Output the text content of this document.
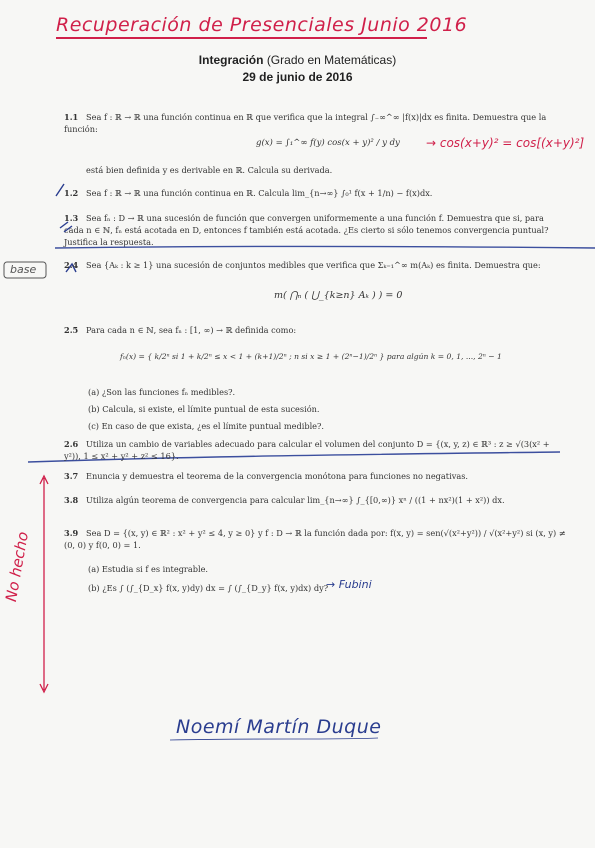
Recuperación de Presenciales Junio 2016
Integración (Grado en Matemáticas)
29 de junio de 2016
1.1 Sea f : ℝ → ℝ una función continua en ℝ que verifica que la integral ∫₋∞^∞ |f(x)|dx es finita. Demuestra que la función:
g(x) = ∫₁^∞ f(y) cos(x + y)² / y dy
está bien definida y es derivable en ℝ. Calcula su derivada.
→ cos(x+y)² = cos[(x+y)²]
1.2 Sea f : ℝ → ℝ una función continua en ℝ. Calcula lim_{n→∞} ∫₀¹ f(x + 1/n) − f(x)dx.
1.3 Sea fₙ : D → ℝ una sucesión de función que convergen uniformemente a una función f. Demuestra que si, para cada n ∈ ℕ, fₙ está acotada en D, entonces f también está acotada. ¿Es cierto si sólo tenemos convergencia puntual? Justifica la respuesta.
base	2.4 Sea {Aₖ : k ≥ 1} una sucesión de conjuntos medibles que verifica que Σₖ₌₁^∞ m(Aₖ) es finita. Demuestra que:
m( ⋂ₙ ( ⋃_{k≥n} Aₖ ) ) = 0
2.5 Para cada n ∈ ℕ, sea fₙ : [1, ∞) → ℝ definida como:
fₙ(x) = { k/2ⁿ si 1 + k/2ⁿ ≤ x < 1 + (k+1)/2ⁿ ; n si x ≥ 1 + (2ⁿ−1)/2ⁿ } para algún k = 0, 1, ..., 2ⁿ − 1
(a) ¿Son las funciones fₙ medibles?.
(b) Calcula, si existe, el límite puntual de esta sucesión.
(c) En caso de que exista, ¿es el límite puntual medible?.
2.6 Utiliza un cambio de variables adecuado para calcular el volumen del conjunto D = {(x, y, z) ∈ ℝ³ : z ≥ √(3(x² + y²)), 1 ≤ x² + y² + z² ≤ 16}.
3.7 Enuncia y demuestra el teorema de la convergencia monótona para funciones no negativas.
3.8 Utiliza algún teorema de convergencia para calcular lim_{n→∞} ∫_{[0,∞)} xⁿ / ((1 + nx²)(1 + x²)) dx.
3.9 Sea D = {(x, y) ∈ ℝ² : x² + y² ≤ 4, y ≥ 0} y f : D → ℝ la función dada por: f(x, y) = sen(√(x²+y²)) / √(x²+y²) si (x, y) ≠ (0, 0) y f(0, 0) = 1.
(a) Estudia si f es integrable.
(b) ¿Es ∫ (∫_{D_x} f(x, y)dy) dx = ∫ (∫_{D_y} f(x, y)dx) dy?
→ Fubini
No hecho
Noemí Martín Duque
